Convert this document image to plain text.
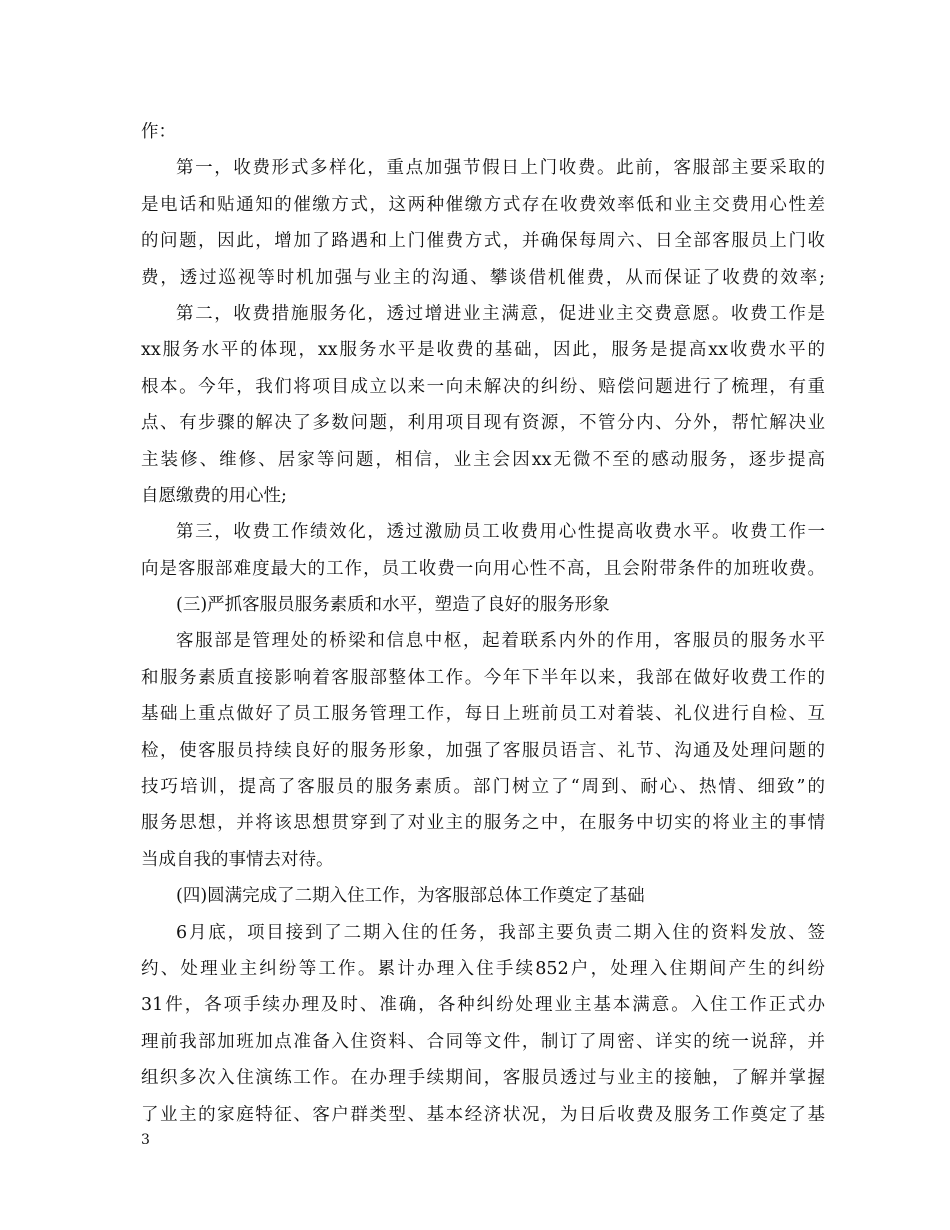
作：
第一，收费形式多样化，重点加强节假日上门收费。此前，客服部主要采取的
是电话和贴通知的催缴方式，这两种催缴方式存在收费效率低和业主交费用心性差
的问题，因此，增加了路遇和上门催费方式，并确保每周六、日全部客服员上门收
费，透过巡视等时机加强与业主的沟通、攀谈借机催费，从而保证了收费的效率;
第二，收费措施服务化，透过增进业主满意，促进业主交费意愿。收费工作是
xx服务水平的体现，xx服务水平是收费的基础，因此，服务是提高xx收费水平的
根本。今年，我们将项目成立以来一向未解决的纠纷、赔偿问题进行了梳理，有重
点、有步骤的解决了多数问题，利用项目现有资源，不管分内、分外，帮忙解决业
主装修、维修、居家等问题，相信，业主会因xx无微不至的感动服务，逐步提高
自愿缴费的用心性;
第三，收费工作绩效化，透过激励员工收费用心性提高收费水平。收费工作一
向是客服部难度最大的工作，员工收费一向用心性不高，且会附带条件的加班收费。
(三)严抓客服员服务素质和水平，塑造了良好的服务形象
客服部是管理处的桥梁和信息中枢，起着联系内外的作用，客服员的服务水平
和服务素质直接影响着客服部整体工作。今年下半年以来，我部在做好收费工作的
基础上重点做好了员工服务管理工作，每日上班前员工对着装、礼仪进行自检、互
检，使客服员持续良好的服务形象，加强了客服员语言、礼节、沟通及处理问题的
技巧培训，提高了客服员的服务素质。部门树立了“周到、耐心、热情、细致”的
服务思想，并将该思想贯穿到了对业主的服务之中，在服务中切实的将业主的事情
当成自我的事情去对待。
(四)圆满完成了二期入住工作，为客服部总体工作奠定了基础
6月底，项目接到了二期入住的任务，我部主要负责二期入住的资料发放、签
约、处理业主纠纷等工作。累计办理入住手续852户，处理入住期间产生的纠纷
31件，各项手续办理及时、准确，各种纠纷处理业主基本满意。入住工作正式办
理前我部加班加点准备入住资料、合同等文件，制订了周密、详实的统一说辞，并
组织多次入住演练工作。在办理手续期间，客服员透过与业主的接触，了解并掌握
了业主的家庭特征、客户群类型、基本经济状况，为日后收费及服务工作奠定了基
3
